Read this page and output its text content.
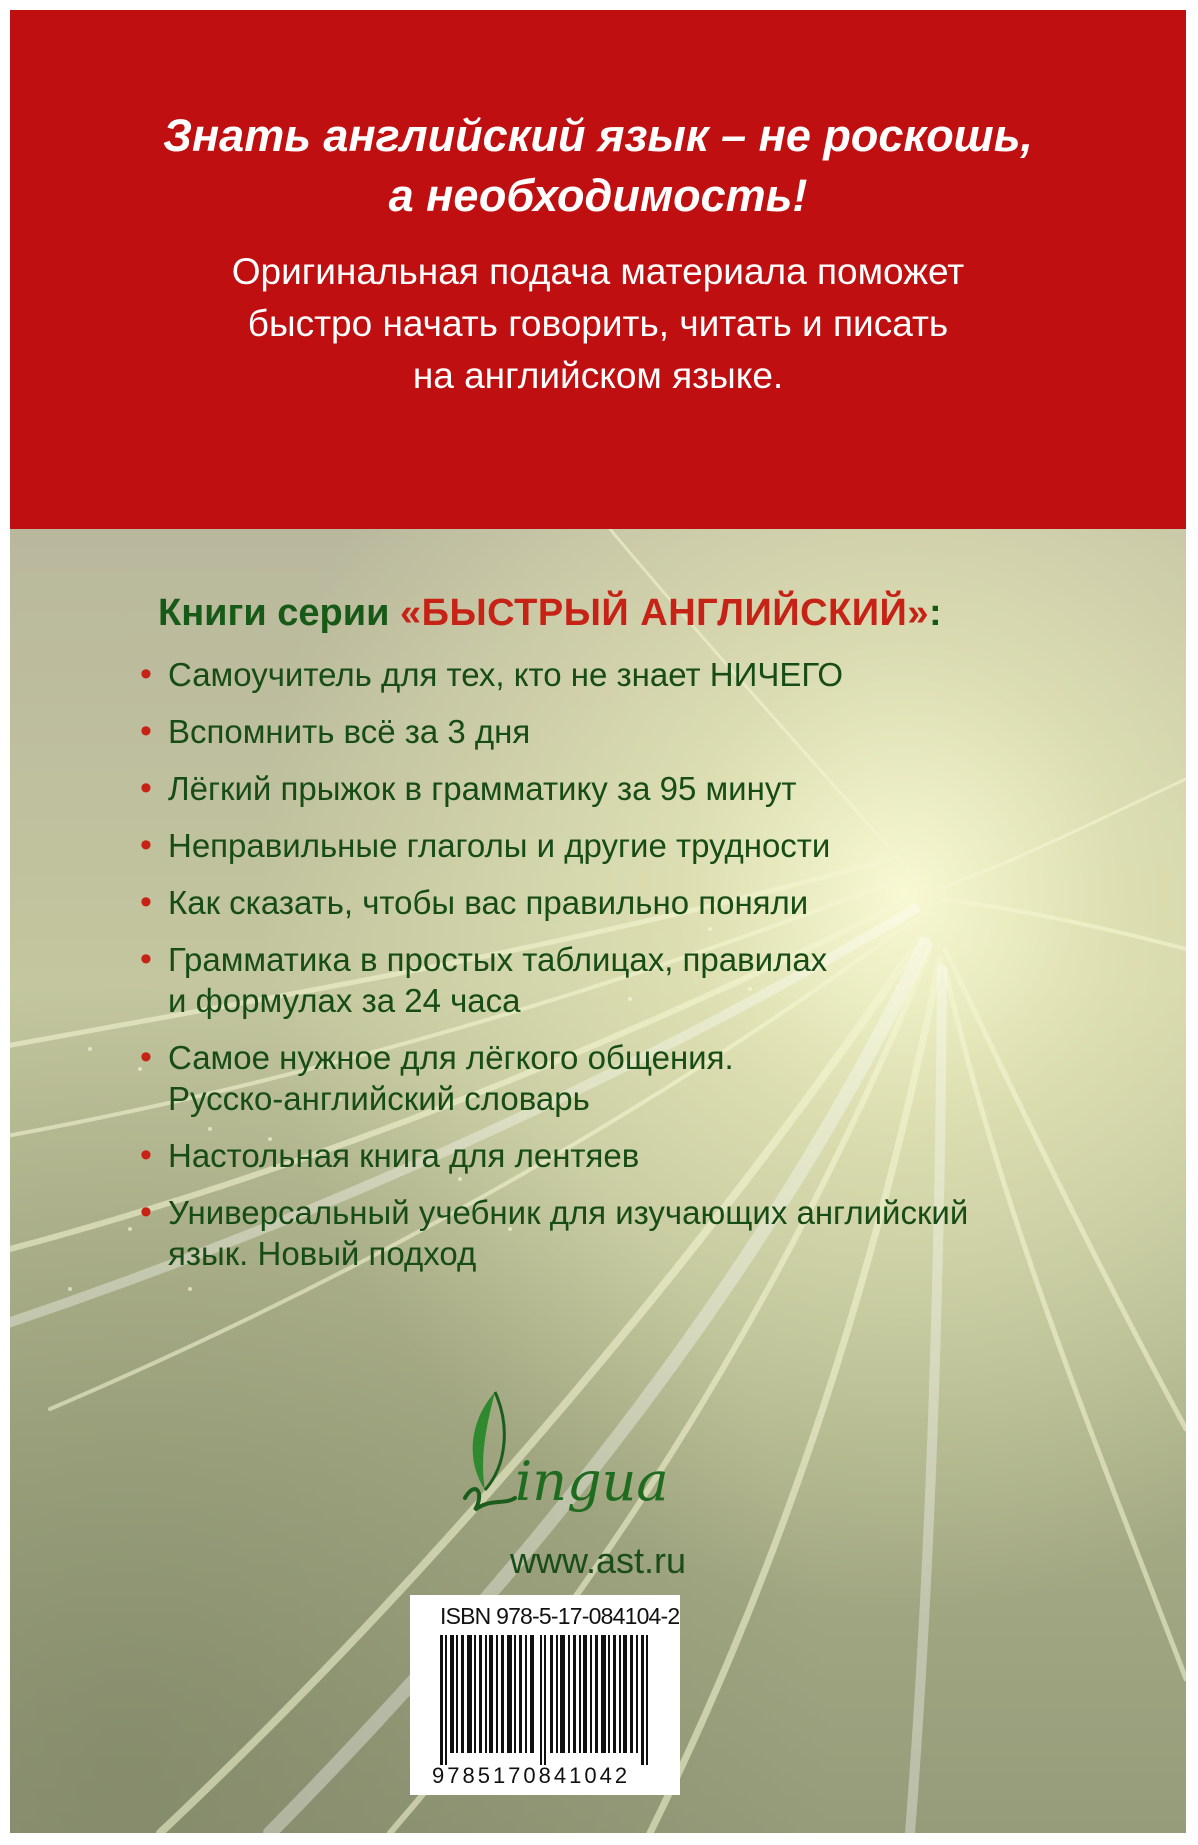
Знать английский язык – не роскошь,
а необходимость!

Оригинальная подача материала поможет
быстро начать говорить, читать и писать
на английском языке.

Книги серии «БЫСТРЫЙ АНГЛИЙСКИЙ»:
• Самоучитель для тех, кто не знает НИЧЕГО
• Вспомнить всё за 3 дня
• Лёгкий прыжок в грамматику за 95 минут
• Неправильные глаголы и другие трудности
• Как сказать, чтобы вас правильно поняли
• Грамматика в простых таблицах, правилах
и формулах за 24 часа
• Самое нужное для лёгкого общения.
Русско-английский словарь
• Настольная книга для лентяев
• Универсальный учебник для изучающих английский
язык. Новый подход
ingua
www.ast.ru
ISBN 978-5-17-084104-2
9785170841042
